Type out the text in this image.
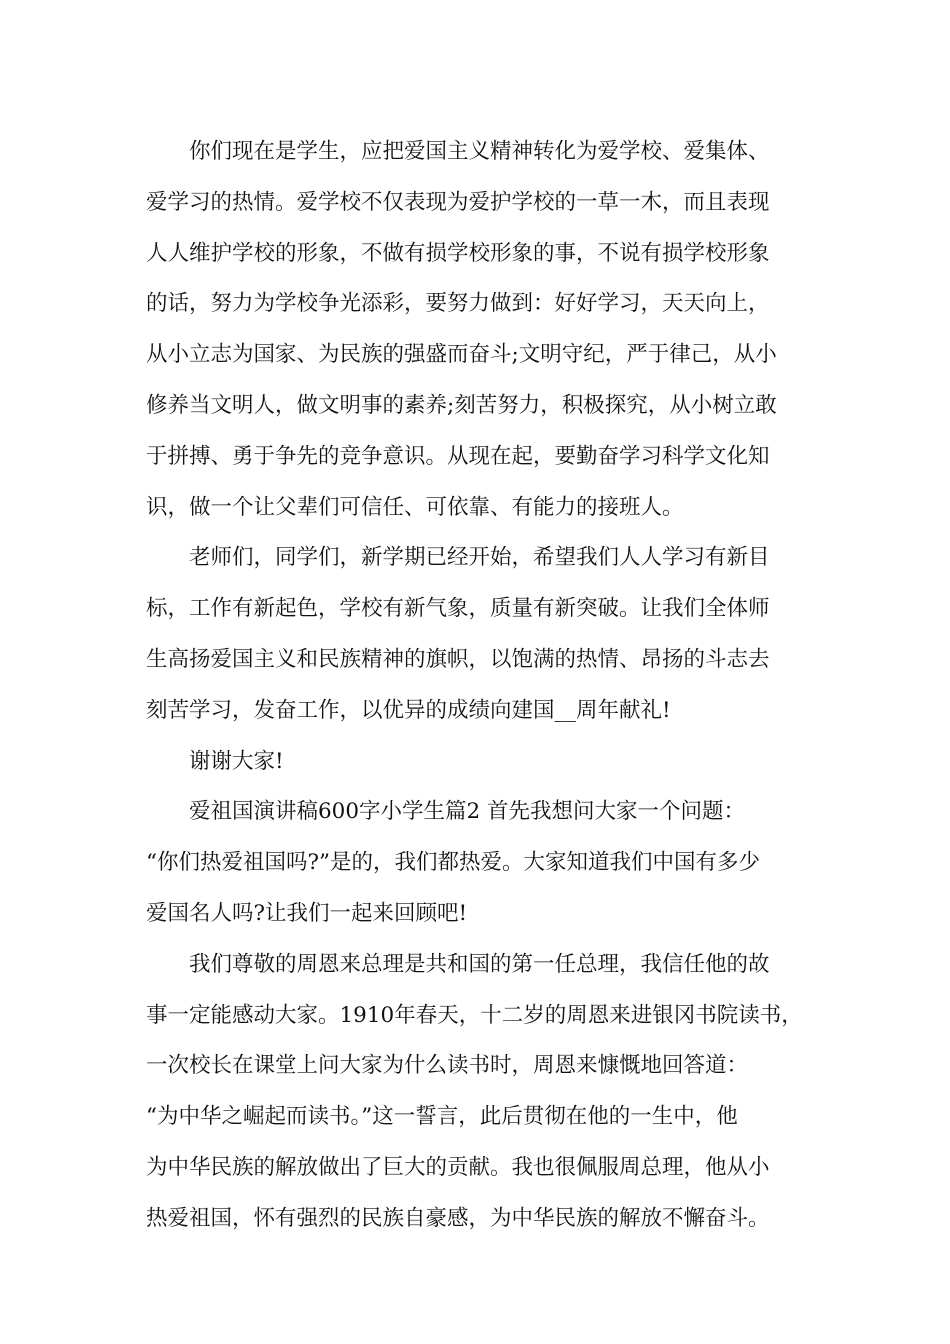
　　你们现在是学生，应把爱国主义精神转化为爱学校、爱集体、
爱学习的热情。爱学校不仅表现为爱护学校的一草一木，而且表现
人人维护学校的形象，不做有损学校形象的事，不说有损学校形象
的话，努力为学校争光添彩，要努力做到：好好学习，天天向上，
从小立志为国家、为民族的强盛而奋斗;文明守纪，严于律己，从小
修养当文明人，做文明事的素养;刻苦努力，积极探究，从小树立敢
于拼搏、勇于争先的竞争意识。从现在起，要勤奋学习科学文化知
识，做一个让父辈们可信任、可依靠、有能力的接班人。
　　老师们，同学们，新学期已经开始，希望我们人人学习有新目
标，工作有新起色，学校有新气象，质量有新突破。让我们全体师
生高扬爱国主义和民族精神的旗帜，以饱满的热情、昂扬的斗志去
刻苦学习，发奋工作，以优异的成绩向建国__周年献礼!
　　谢谢大家!
　　爱祖国演讲稿600字小学生篇2 首先我想问大家一个问题：
“你们热爱祖国吗?”是的，我们都热爱。大家知道我们中国有多少
爱国名人吗?让我们一起来回顾吧!
　　我们尊敬的周恩来总理是共和国的第一任总理，我信任他的故
事一定能感动大家。1910年春天，十二岁的周恩来进银冈书院读书，
一次校长在课堂上问大家为什么读书时，周恩来慷慨地回答道：
“为中华之崛起而读书。”这一誓言，此后贯彻在他的一生中，他
为中华民族的解放做出了巨大的贡献。我也很佩服周总理，他从小
热爱祖国，怀有强烈的民族自豪感，为中华民族的解放不懈奋斗。
